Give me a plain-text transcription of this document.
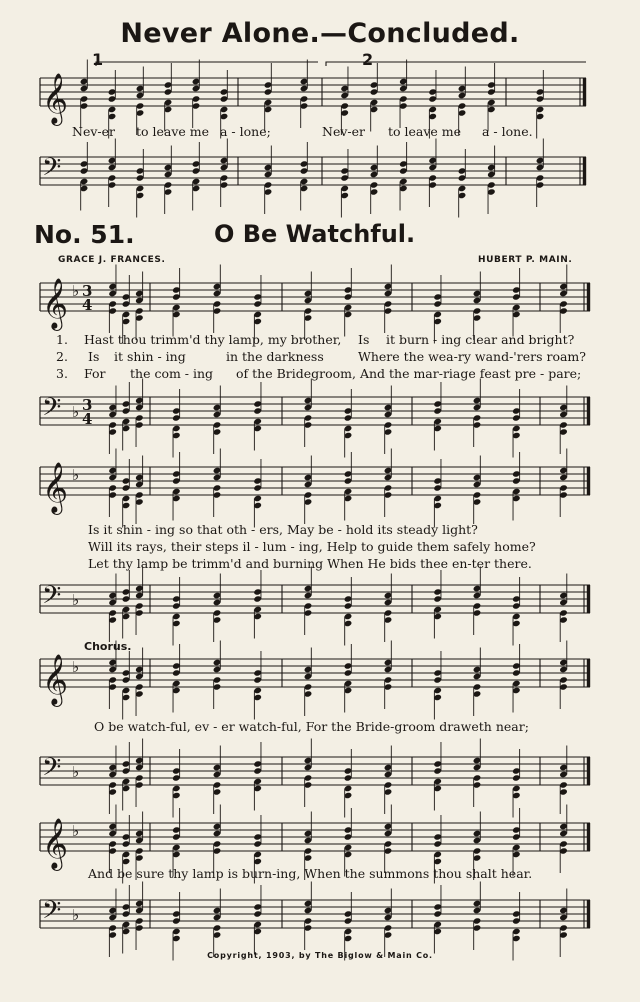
Never Alone.—Concluded.
1	2
Nev-er to leave me a - lone;	Nev-er to leave me a - lone.
No. 51.	O Be Watchful.
GRACE J. FRANCES.	HUBERT P. MAIN.
1.
2.
3.
Hast thou trimm'd thy lamp, my brother, Is it burn - ing clear and bright?
Is it shin - ing	in the darkness	Where the wea-ry wand-'rers roam?
For the com - ing of the Bridegroom, And the mar-riage feast pre - pare;
Is it shin - ing so that oth - ers, May be - hold its steady light?
Will its rays, their steps il - lum - ing, Help to guide them safely home?
Let thy lamp be trimm'd and burning When He bids thee en-ter there.
Chorus.
O be watch-ful, ev - er watch-ful, For the Bride-groom draweth near;
And be sure thy lamp is burn-ing, When the summons thou shalt hear.
Copyright, 1903, by The Biglow & Main Co.
𝄞
𝄢
𝄞
𝄢
♭
♭
3
4
3
4
𝄞
𝄢
♭
♭
𝄞
𝄢
♭
♭
𝄞
𝄢
♭
♭
